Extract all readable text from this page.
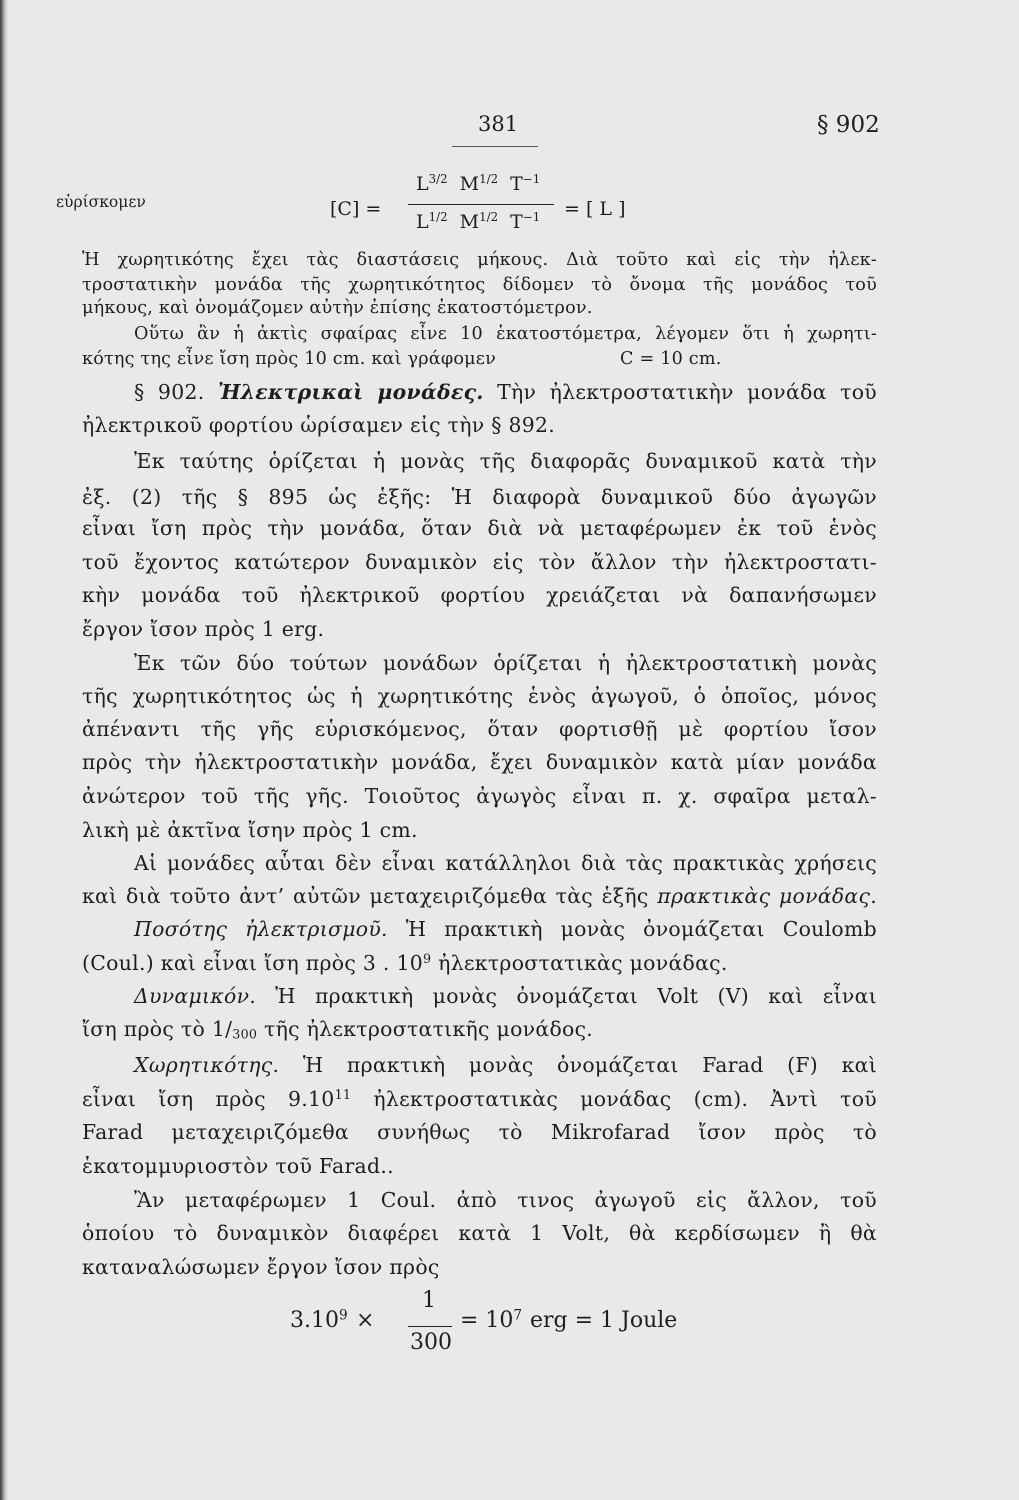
381	§ 902
εὑρίσκομεν	[C] =
$L^{3/2}$ $M^{1/2}$ $T^{-1}$
$L^{1/2}$ $M^{1/2}$ $T^{-1}$ = [ L ]
Ἡ χωρητικότης ἔχει τὰς διαστάσεις μήκους. Διὰ τοῦτο καὶ εἰς τὴν ἠλεκ-
τροστατικὴν μονάδα τῆς χωρητικότητος δίδομεν τὸ ὄνομα τῆς μονάδος τοῦ
μήκους, καὶ ὀνομάζομεν αὐτὴν ἐπίσης ἑκατοστόμετρον.
Οὕτω ἂν ἡ ἀκτὶς σφαίρας εἶνε 10 ἑκατοστόμετρα, λέγομεν ὅτι ἡ χωρητι-
κότης της εἶνε ἴση πρὸς 10 cm. καὶ γράφομεν	C = 10 cm.
§ 902. Ἠλεκτρικαὶ μονάδες. Τὴν ἠλεκτροστατικὴν μονάδα τοῦ
ἠλεκτρικοῦ φορτίου ὡρίσαμεν εἰς τὴν § 892.
Ἐκ ταύτης ὁρίζεται ἡ μονὰς τῆς διαφορᾶς δυναμικοῦ κατὰ τὴν
ἐξ. (2) τῆς § 895 ὡς ἑξῆς: Ἡ διαφορὰ δυναμικοῦ δύο ἀγωγῶν
εἶναι ἴση πρὸς τὴν μονάδα, ὅταν διὰ νὰ μεταφέρωμεν ἐκ τοῦ ἑνὸς
τοῦ ἔχοντος κατώτερον δυναμικὸν εἰς τὸν ἄλλον τὴν ἠλεκτροστατι-
κὴν μονάδα τοῦ ἠλεκτρικοῦ φορτίου χρειάζεται νὰ δαπανήσωμεν
ἔργον ἴσον πρὸς 1 erg.
Ἐκ τῶν δύο τούτων μονάδων ὁρίζεται ἡ ἠλεκτροστατικὴ μονὰς
τῆς χωρητικότητος ὡς ἡ χωρητικότης ἑνὸς ἀγωγοῦ, ὁ ὁποῖος, μόνος
ἀπέναντι τῆς γῆς εὑρισκόμενος, ὅταν φορτισθῇ μὲ φορτίου ἴσον
πρὸς τὴν ἠλεκτροστατικὴν μονάδα, ἔχει δυναμικὸν κατὰ μίαν μονάδα
ἀνώτερον τοῦ τῆς γῆς. Τοιοῦτος ἀγωγὸς εἶναι π. χ. σφαῖρα μεταλ-
λικὴ μὲ ἀκτῖνα ἴσην πρὸς 1 cm.
Αἱ μονάδες αὗται δὲν εἶναι κατάλληλοι διὰ τὰς πρακτικὰς χρήσεις
καὶ διὰ τοῦτο ἀντ’ αὐτῶν μεταχειριζόμεθα τὰς ἑξῆς πρακτικὰς μονάδας.
Ποσότης ἠλεκτρισμοῦ. Ἡ πρακτικὴ μονὰς ὀνομάζεται Coulomb
(Coul.) καὶ εἶναι ἴση πρὸς 3 . $10^9$ ἠλεκτροστατικὰς μονάδας.
Δυναμικόν. Ἡ πρακτικὴ μονὰς ὀνομάζεται Volt (V) καὶ εἶναι
ἴση πρὸς τὸ $1/_{300}$ τῆς ἠλεκτροστατικῆς μονάδος.
Χωρητικότης. Ἡ πρακτικὴ μονὰς ὀνομάζεται Farad (F) καὶ
εἶναι ἴση πρὸς 9.10$^{11}$ ἠλεκτροστατικὰς μονάδας (cm). Ἀντὶ τοῦ
Farad μεταχειριζόμεθα συνήθως τὸ Mikrofarad ἴσον πρὸς τὸ
ἑκατομμυριοστὸν τοῦ Farad..
Ἂν μεταφέρωμεν 1 Coul. ἀπὸ τινος ἀγωγοῦ εἰς ἄλλον, τοῦ
ὁποίου τὸ δυναμικὸν διαφέρει κατὰ 1 Volt, θὰ κερδίσωμεν ἢ θὰ
καταναλώσωμεν ἔργον ἴσον πρὸς
$3.10^9$ ×
1
300
= $10^7$ erg = 1 Joule
